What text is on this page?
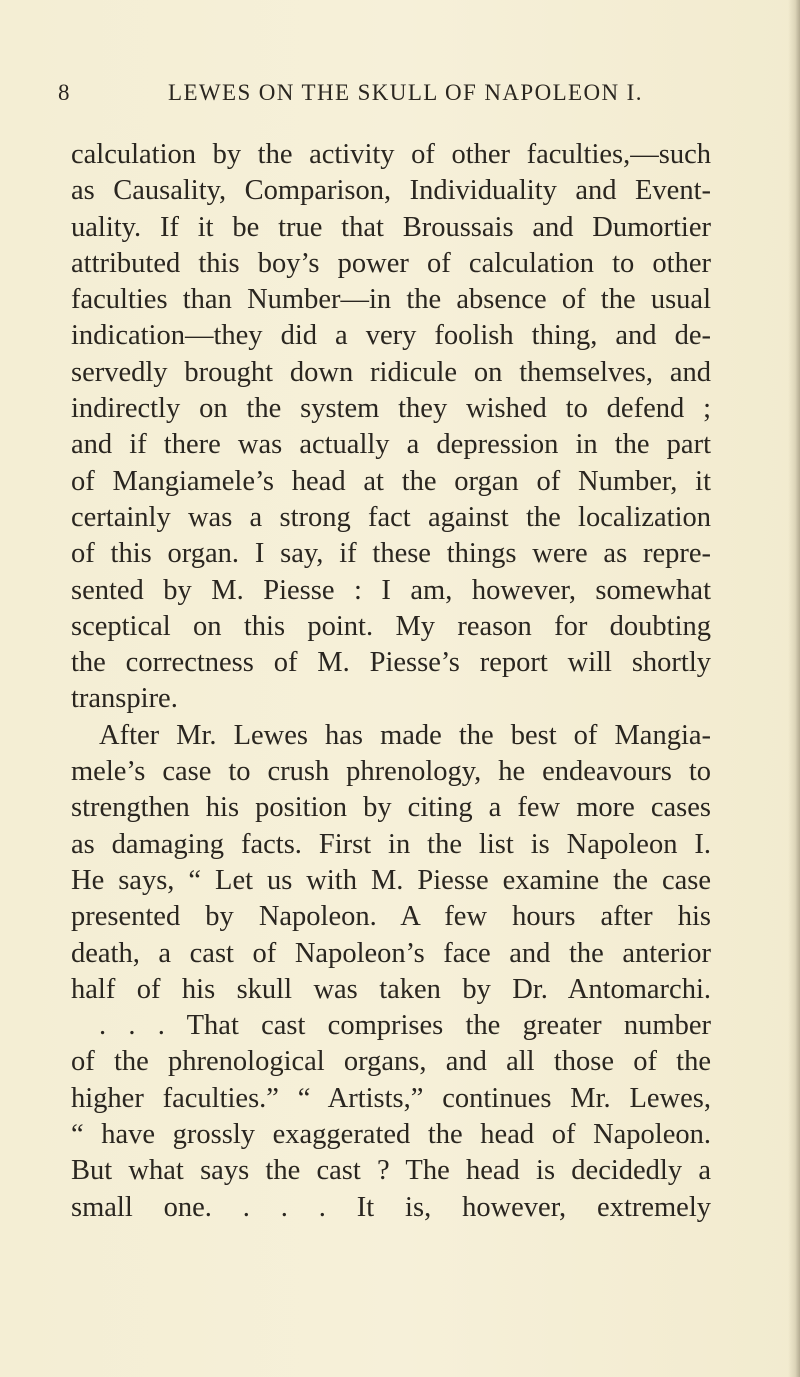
8	LEWES ON THE SKULL OF NAPOLEON I.
calculation by the activity of other faculties,—such
as Causality, Comparison, Individuality and Event-
uality. If it be true that Broussais and Dumortier
attributed this boy’s power of calculation to other
faculties than Number—in the absence of the usual
indication—they did a very foolish thing, and de-
servedly brought down ridicule on themselves, and
indirectly on the system they wished to defend ;
and if there was actually a depression in the part
of Mangiamele’s head at the organ of Number, it
certainly was a strong fact against the localization
of this organ. I say, if these things were as repre-
sented by M. Piesse : I am, however, somewhat
sceptical on this point. My reason for doubting
the correctness of M. Piesse’s report will shortly
transpire.
After Mr. Lewes has made the best of Mangia-
mele’s case to crush phrenology, he endeavours to
strengthen his position by citing a few more cases
as damaging facts. First in the list is Napoleon I.
He says, “ Let us with M. Piesse examine the case
presented by Napoleon. A few hours after his
death, a cast of Napoleon’s face and the anterior
half of his skull was taken by Dr. Antomarchi.
. . . That cast comprises the greater number
of the phrenological organs, and all those of the
higher faculties.” “ Artists,” continues Mr. Lewes,
“ have grossly exaggerated the head of Napoleon.
But what says the cast ? The head is decidedly a
small one. . . . It is, however, extremely
